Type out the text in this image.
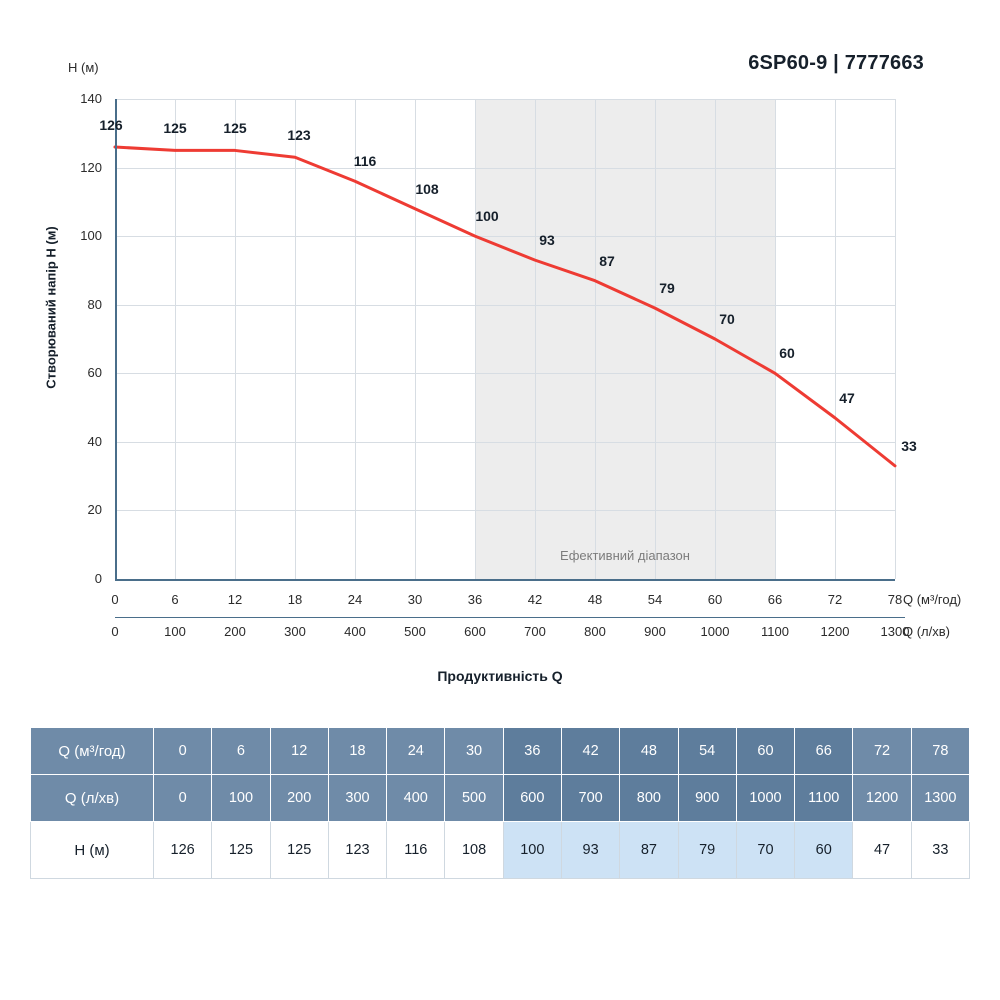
6SP60-9 | 7777663
H (м)
Створюваний напір H (м)
Продуктивність Q
Ефективний діапазон
0
20
40
60
80
100
120
140
126	125	125	123
116
108
100
93
87
79
70
60
47
33
Q (м³/год)
0	6	12	18	24	30	36	42	48	54	60	66	72	78
Q (л/хв)
0	100	200	300	400	500	600	700	800	900	1000 1100 1200 1300
Q (м³/год)	0	6	12	18	24	30	36	42	48	54	60	66	72	78
Q (л/хв)	0	100	200	300	400	500	600	700	800	900	1000	1100	1200	1300
H (м)	126	125	125	123	116	108	100	93	87	79	70	60	47	33
